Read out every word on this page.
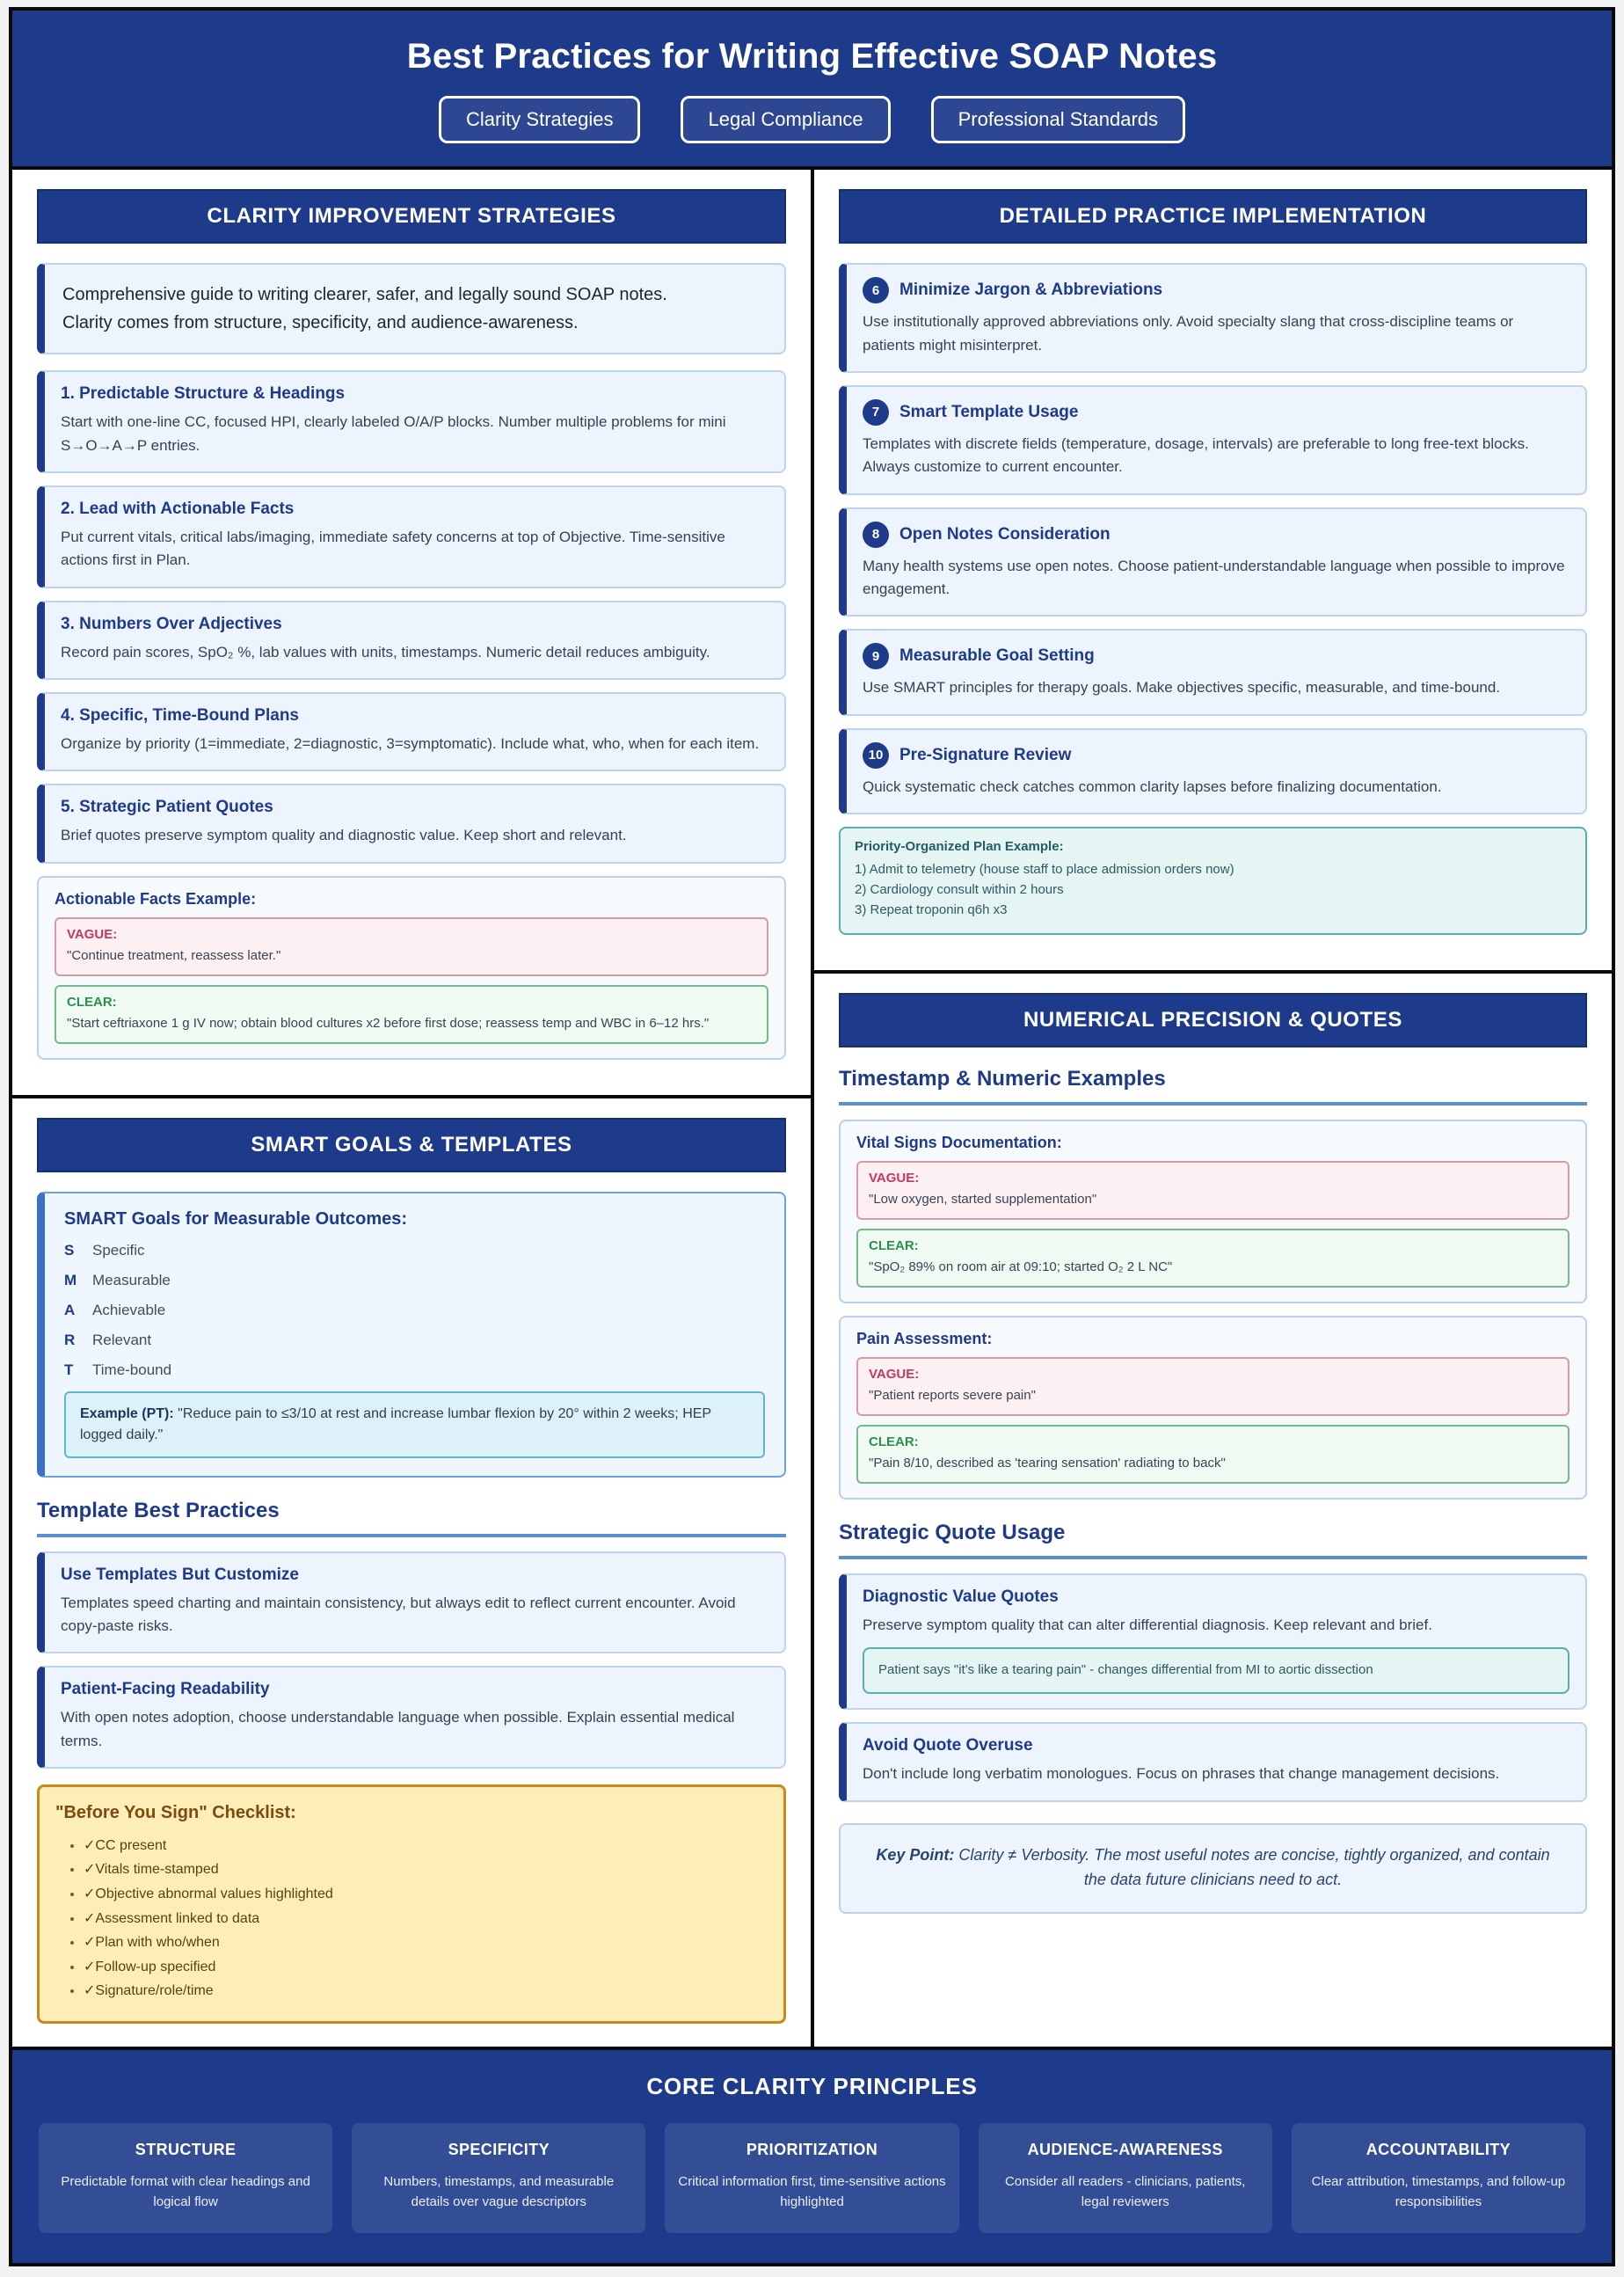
Best Practices for Writing Effective SOAP Notes
Clarity Strategies	Legal Compliance	Professional Standards
CLARITY IMPROVEMENT STRATEGIES
Comprehensive guide to writing clearer, safer, and legally sound SOAP notes.
Clarity comes from structure, specificity, and audience-awareness.
1. Predictable Structure & Headings
Start with one-line CC, focused HPI, clearly labeled O/A/P blocks. Number multiple problems for mini S→O→A→P entries.
2. Lead with Actionable Facts
Put current vitals, critical labs/imaging, immediate safety concerns at top of Objective. Time-sensitive actions first in Plan.
3. Numbers Over Adjectives
Record pain scores, SpO₂ %, lab values with units, timestamps. Numeric detail reduces ambiguity.
4. Specific, Time-Bound Plans
Organize by priority (1=immediate, 2=diagnostic, 3=symptomatic). Include what, who, when for each item.
5. Strategic Patient Quotes
Brief quotes preserve symptom quality and diagnostic value. Keep short and relevant.
Actionable Facts Example:
VAGUE:
"Continue treatment, reassess later."
CLEAR:
"Start ceftriaxone 1 g IV now; obtain blood cultures x2 before first dose; reassess temp and WBC in 6–12 hrs."
SMART GOALS & TEMPLATES
SMART Goals for Measurable Outcomes:
S Specific
M Measurable
A Achievable
R Relevant
T	Time-bound
Example (PT): "Reduce pain to ≤3/10 at rest and increase lumbar flexion by 20° within 2 weeks; HEP logged daily."
Template Best Practices
Use Templates But Customize
Templates speed charting and maintain consistency, but always edit to reflect current encounter. Avoid copy-paste risks.
Patient-Facing Readability
With open notes adoption, choose understandable language when possible. Explain essential medical terms.
"Before You Sign" Checklist:
• ✓CC present
• ✓Vitals time-stamped
• ✓Objective abnormal values highlighted
• ✓Assessment linked to data
• ✓Plan with who/when
• ✓Follow-up specified
• ✓Signature/role/time
DETAILED PRACTICE IMPLEMENTATION
6	Minimize Jargon & Abbreviations
Use institutionally approved abbreviations only. Avoid specialty slang that cross-discipline teams or patients might misinterpret.
7	Smart Template Usage
Templates with discrete fields (temperature, dosage, intervals) are preferable to long free-text blocks. Always customize to current encounter.
8	Open Notes Consideration
Many health systems use open notes. Choose patient-understandable language when possible to improve engagement.
9	Measurable Goal Setting
Use SMART principles for therapy goals. Make objectives specific, measurable, and time-bound.
10 Pre-Signature Review
Quick systematic check catches common clarity lapses before finalizing documentation.
Priority-Organized Plan Example:
1) Admit to telemetry (house staff to place admission orders now)
2) Cardiology consult within 2 hours
3) Repeat troponin q6h x3
NUMERICAL PRECISION & QUOTES
Timestamp & Numeric Examples
Vital Signs Documentation:
VAGUE:
"Low oxygen, started supplementation"
CLEAR:
"SpO₂ 89% on room air at 09:10; started O₂ 2 L NC"
Pain Assessment:
VAGUE:
"Patient reports severe pain"
CLEAR:
"Pain 8/10, described as 'tearing sensation' radiating to back"
Strategic Quote Usage
Diagnostic Value Quotes
Preserve symptom quality that can alter differential diagnosis. Keep relevant and brief.
Patient says "it's like a tearing pain" - changes differential from MI to aortic dissection
Avoid Quote Overuse
Don't include long verbatim monologues. Focus on phrases that change management decisions.
Key Point: Clarity ≠ Verbosity. The most useful notes are concise, tightly organized, and contain the data future clinicians need to act.
CORE CLARITY PRINCIPLES
STRUCTURE
Predictable format with clear headings and logical flow
SPECIFICITY
Numbers, timestamps, and measurable details over vague descriptors
PRIORITIZATION
Critical information first, time-sensitive actions highlighted
AUDIENCE-AWARENESS
Consider all readers - clinicians, patients, legal reviewers
ACCOUNTABILITY
Clear attribution, timestamps, and follow-up responsibilities
